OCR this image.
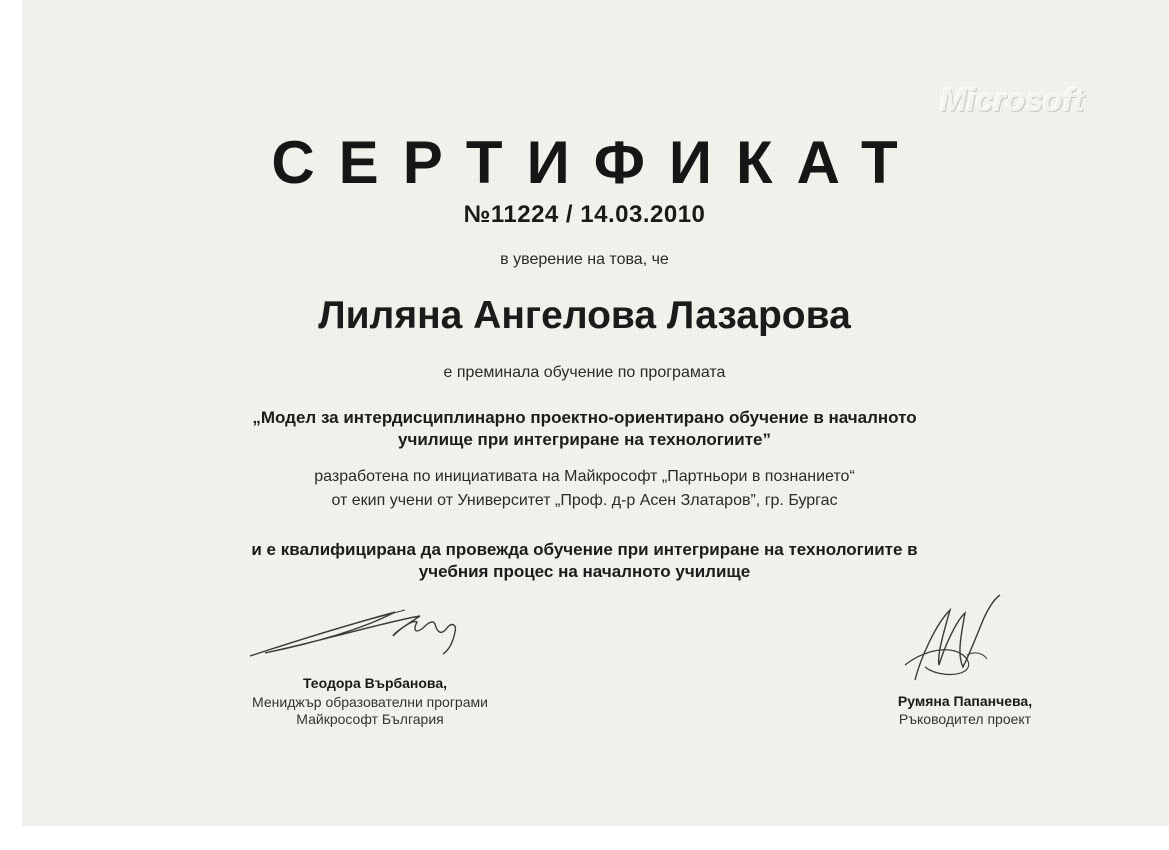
Microsoft
СЕРТИФИКАТ
№11224 / 14.03.2010
в уверение на това, че
Лиляна Ангелова Лазарова
е преминала обучение по програмата
„Модел за интердисциплинарно проектно-ориентирано обучение в началното
училище при интегриране на технологиите”
разработена по инициативата на Майкрософт „Партньори в познанието“
от екип учени от Университет „Проф. д-р Асен Златаров”, гр. Бургас
и е квалифицирана да провежда обучение при интегриране на технологиите в
учебния процес на началното училище
Теодора Върбанова,
Мениджър образователни програми
Майкрософт България
Румяна Папанчева,
Ръководител проект
